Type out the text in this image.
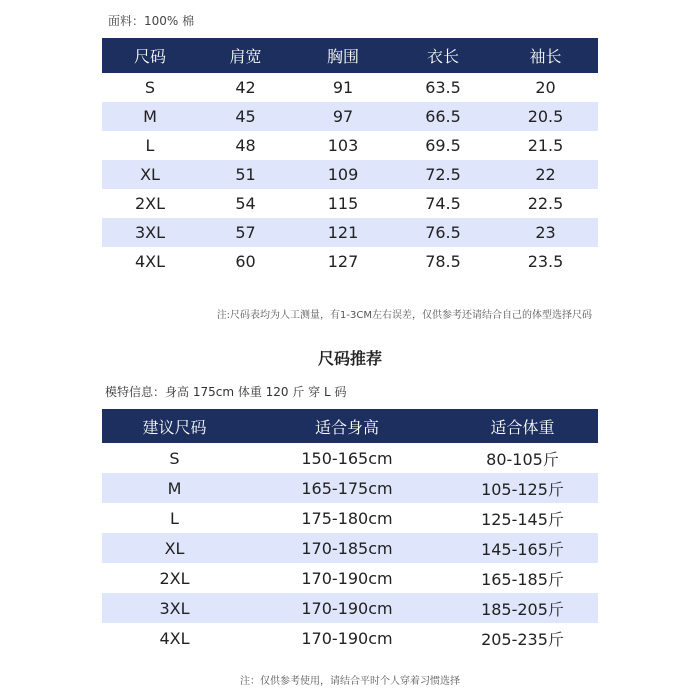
面料：100% 棉
尺码	肩宽	胸围	衣长	袖长
S	42	91	63.5	20
M	45	97	66.5	20.5
L	48	103	69.5	21.5
XL	51	109	72.5	22
2XL	54	115	74.5	22.5
3XL	57	121	76.5	23
4XL	60	127	78.5	23.5
注:尺码表均为人工测量，有1-3CM左右误差，仅供参考还请结合自己的体型选择尺码
尺码推荐
模特信息：身高 175cm 体重 120 斤 穿 L 码
建议尺码	适合身高	适合体重
S	150-165cm	80-105斤
M	165-175cm	105-125斤
L	175-180cm	125-145斤
XL	170-185cm	145-165斤
2XL	170-190cm	165-185斤
3XL	170-190cm	185-205斤
4XL	170-190cm	205-235斤
注：仅供参考使用，请结合平时个人穿着习惯选择
